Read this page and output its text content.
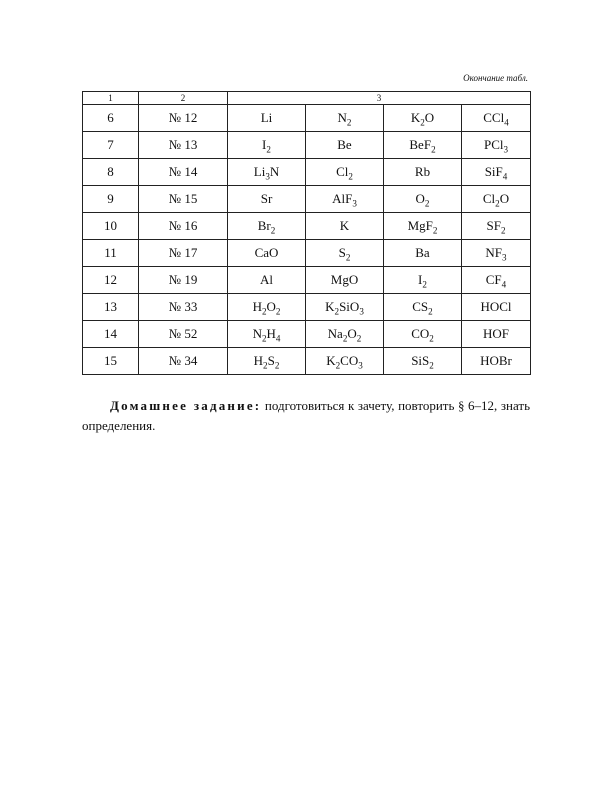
Окончание табл.
1	2	3			
6	№ 12	Li	$N_2$	$K_2O$	CCl$_4$
7	№ 13	$I_2$	Be	BeF$_2$	PCl$_3$
8	№ 14	$Li_3N$	$Cl_2$	Rb	SiF$_4$
9	№ 15	Sr	AlF$_3$	$O_2$	$Cl_2O$
10	№ 16	$Br_2$	K	MgF$_2$	$SF_2$
11	№ 17	CaO	$S_2$	Ba	$NF_3$
12	№ 19	Al	MgO	$I_2$	$CF_4$
13	№ 33	$H_2O_2$	$K_2SiO_3$	$CS_2$	HOCl
14	№ 52	$N_2H_4$	$Na_2O_2$	$CO_2$	HOF
15	№ 34	$H_2S_2$	$K_2CO_3$	SiS$_2$	HOBr
Домашнее задание: подготовиться к зачету, повторить § 6–12, знать определения.
